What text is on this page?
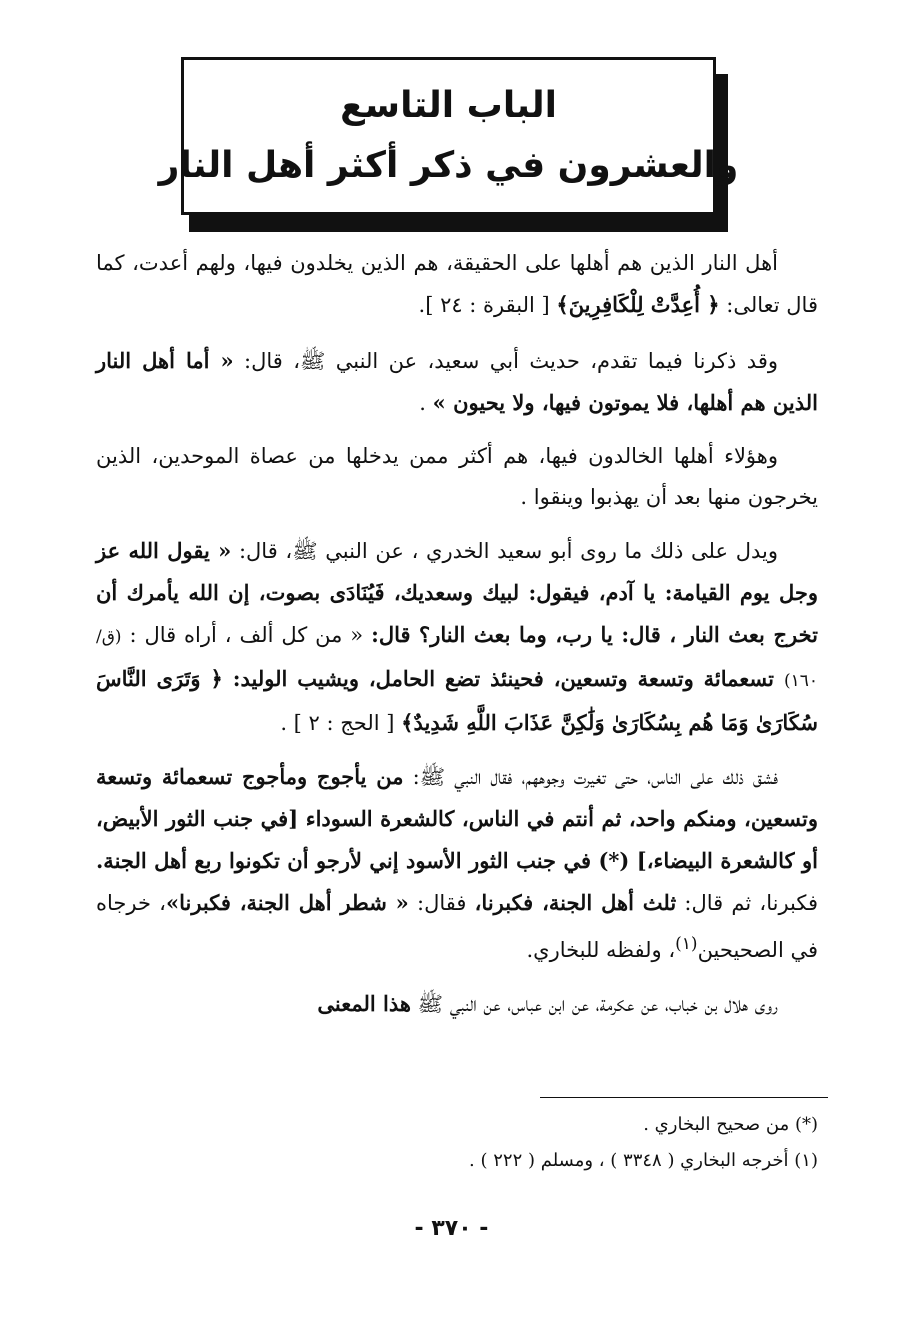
الباب التاسع
والعشرون في ذكر أكثر أهل النار

أهل النار الذين هم أهلها على الحقيقة، هم الذين يخلدون فيها، ولهم أعدت، كما قال تعالى: ﴿ أُعِدَّتْ لِلْكَافِرِينَ﴾ [ البقرة : ٢٤ ].

وقد ذكرنا فيما تقدم، حديث أبي سعيد، عن النبي ﷺ، قال: « أما أهل النار الذين هم أهلها، فلا يموتون فيها، ولا يحيون » .

وهؤلاء أهلها الخالدون فيها، هم أكثر ممن يدخلها من عصاة الموحدين، الذين يخرجون منها بعد أن يهذبوا وينقوا .

ويدل على ذلك ما روى أبو سعيد الخدري ، عن النبي ﷺ، قال: « يقول الله عز وجل يوم القيامة: يا آدم، فيقول: لبيك وسعديك، فَيُنَادَى بصوت، إن الله يأمرك أن تخرج بعث النار ، قال: يا رب، وما بعث النار؟ قال: « من كل ألف ، أراه قال : (ق/١٦٠) تسعمائة وتسعة وتسعين، فحينئذ تضع الحامل، ويشيب الوليد: ﴿ وَتَرَى النَّاسَ سُكَارَىٰ وَمَا هُم بِسُكَارَىٰ وَلَٰكِنَّ عَذَابَ اللَّهِ شَدِيدٌ﴾ [ الحج : ٢ ] .

فشق ذلك على الناس، حتى تغيرت وجوههم، فقال النبي ﷺ: من يأجوج ومأجوج تسعمائة وتسعة وتسعين، ومنكم واحد، ثم أنتم في الناس، كالشعرة السوداء [في جنب الثور الأبيض، أو كالشعرة البيضاء،] (*) في جنب الثور الأسود إني لأرجو أن تكونوا ربع أهل الجنة. فكبرنا، ثم قال: ثلث أهل الجنة، فكبرنا، فقال: « شطر أهل الجنة، فكبرنا»، خرجاه في الصحيحين$^{(١)}$، ولفظه للبخاري.

روى هلال بن خباب، عن عكرمة، عن ابن عباس، عن النبي ﷺ هذا المعنى

(*) من صحيح البخاري .

(١) أخرجه البخاري ( ٣٣٤٨ ) ، ومسلم ( ٢٢٢ ) .

- ٣٧٠ -
